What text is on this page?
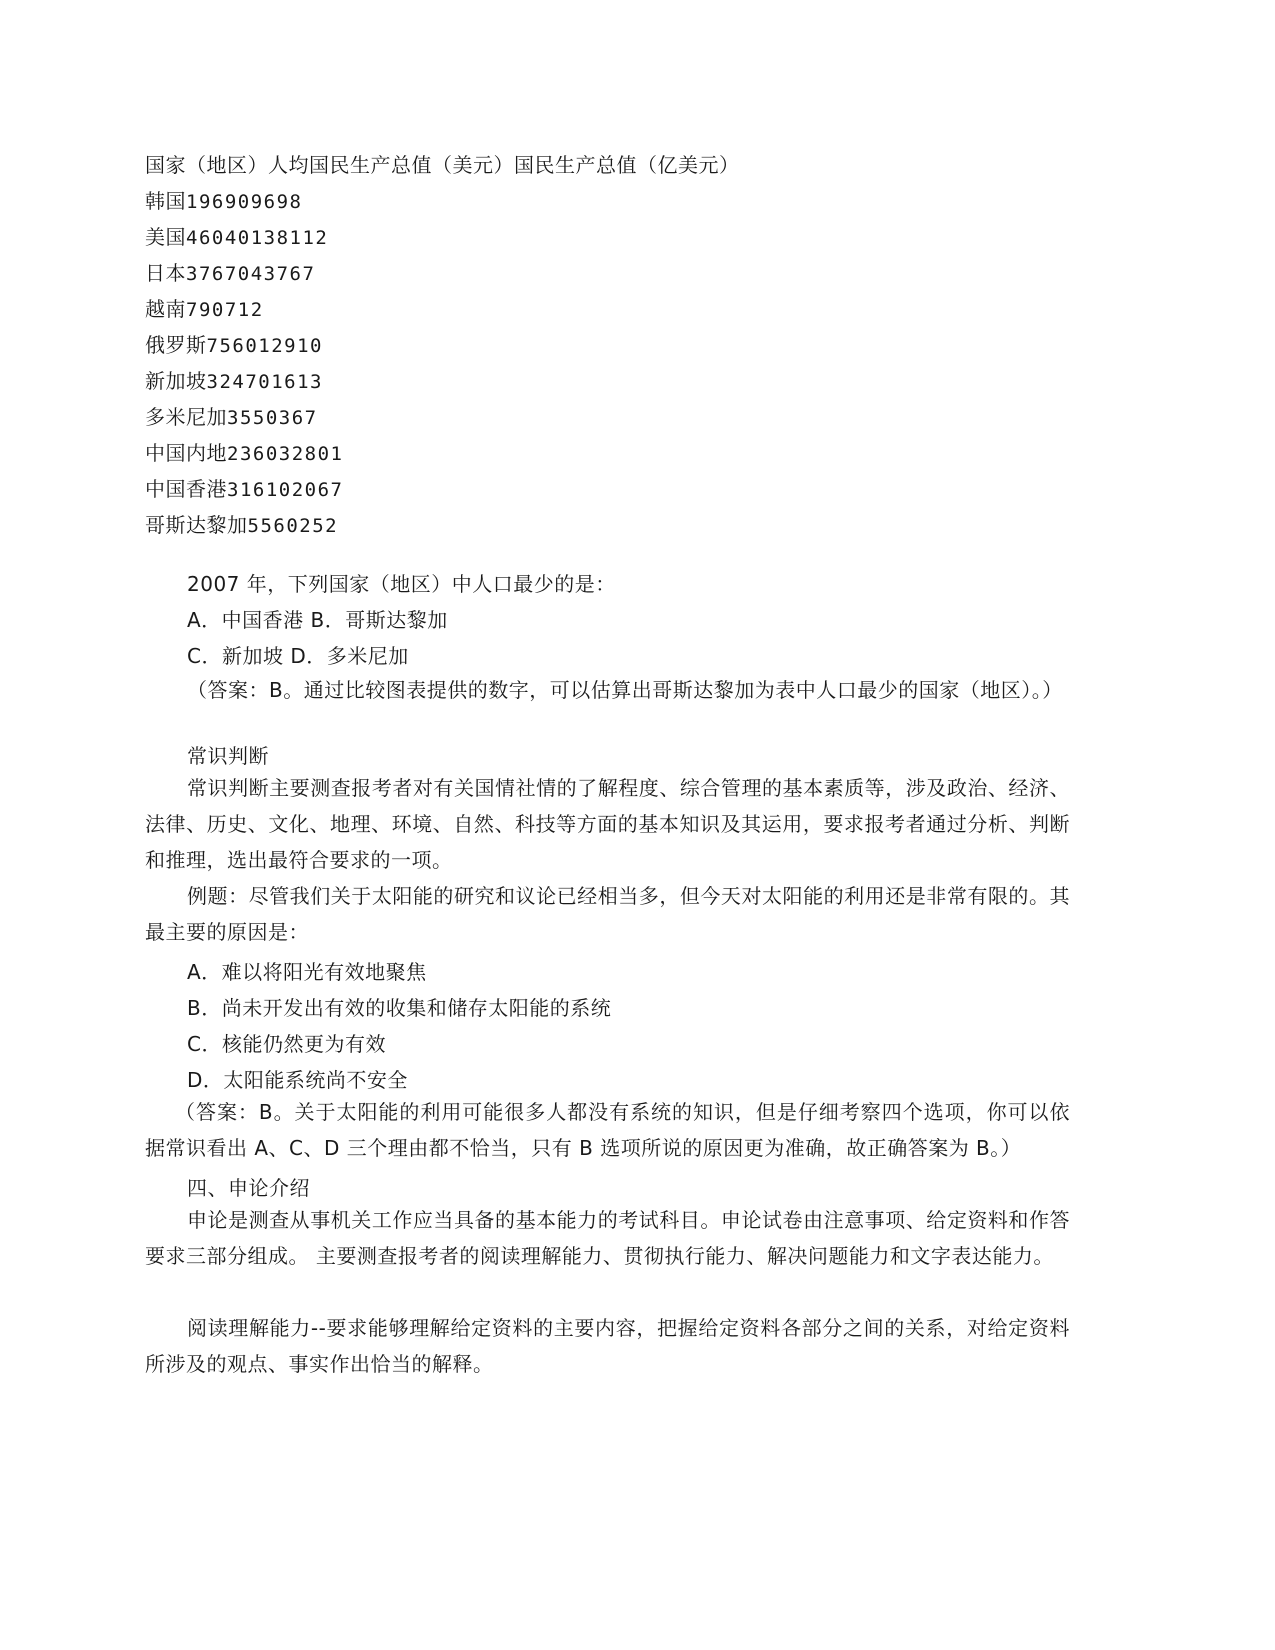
国家（地区）人均国民生产总值（美元）国民生产总值（亿美元）
韩国196909698
美国46040138112
日本3767043767
越南790712
俄罗斯756012910
新加坡324701613
多米尼加3550367
中国内地236032801
中国香港316102067
哥斯达黎加5560252
2007 年，下列国家（地区）中人口最少的是：
A．中国香港 B．哥斯达黎加
C．新加坡 D．多米尼加
（答案：B。通过比较图表提供的数字，可以估算出哥斯达黎加为表中人口最少的国家（地区）。）
常识判断
常识判断主要测查报考者对有关国情社情的了解程度、综合管理的基本素质等，涉及政治、经济、法律、历史、文化、地理、环境、自然、科技等方面的基本知识及其运用，要求报考者通过分析、判断和推理，选出最符合要求的一项。
例题：尽管我们关于太阳能的研究和议论已经相当多，但今天对太阳能的利用还是非常有限的。其最主要的原因是：
A．难以将阳光有效地聚焦
B．尚未开发出有效的收集和储存太阳能的系统
C．核能仍然更为有效
D．太阳能系统尚不安全
（答案：B。关于太阳能的利用可能很多人都没有系统的知识，但是仔细考察四个选项，你可以依据常识看出 A、C、D 三个理由都不恰当，只有 B 选项所说的原因更为准确，故正确答案为 B。）
四、申论介绍
申论是测查从事机关工作应当具备的基本能力的考试科目。申论试卷由注意事项、给定资料和作答要求三部分组成。 主要测查报考者的阅读理解能力、贯彻执行能力、解决问题能力和文字表达能力。
阅读理解能力--要求能够理解给定资料的主要内容，把握给定资料各部分之间的关系，对给定资料所涉及的观点、事实作出恰当的解释。
